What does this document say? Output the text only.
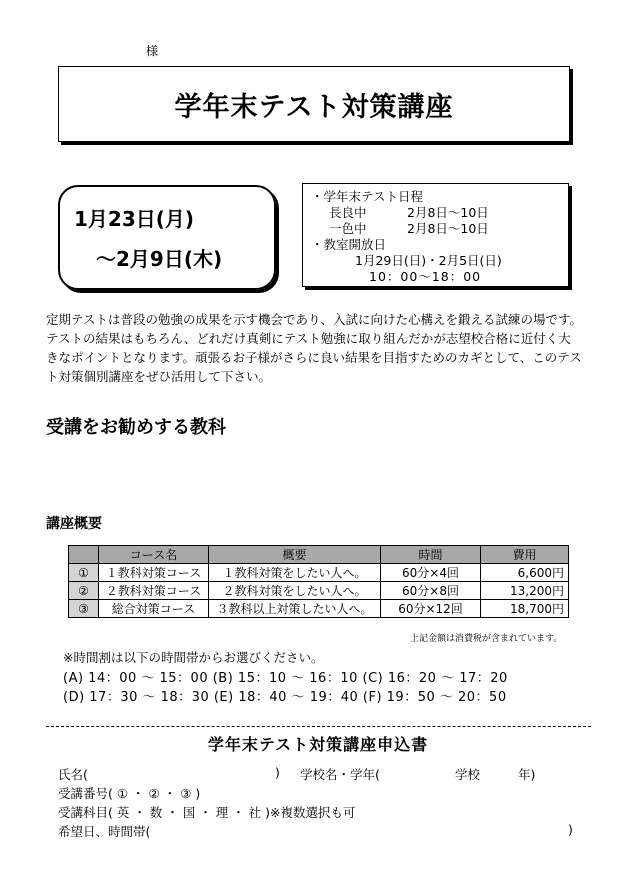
様
学年末テスト対策講座
1月23日(月)
～2月9日(木)
・学年末テスト日程
長良中	2月8日～10日
一色中	2月8日～10日
・教室開放日
1月29日(日)・2月5日(日)
10：00～18：00

定期テストは普段の勉強の成果を示す機会であり、入試に向けた心構えを鍛える試練の場です。

テストの結果はもちろん、どれだけ真剣にテスト勉強に取り組んだかが志望校合格に近付く大

きなポイントとなります。頑張るお子様がさらに良い結果を目指すためのカギとして、このテス

ト対策個別講座をぜひ活用して下さい。

受講をお勧めする教科
講座概要
	コース名	概要	時間	費用
①	１教科対策コース	１教科対策をしたい人へ。	60分×4回	6,600円
②	２教科対策コース	２教科対策をしたい人へ。	60分×8回	13,200円
③	総合対策コース	３教科以上対策したい人へ。	60分×12回	18,700円
上記金額は消費税が含まれています。
※時間割は以下の時間帯からお選びください。
(A) 14：00 ～ 15：00 (B) 15：10 ～ 16：10 (C) 16：20 ～ 17：20
(D) 17：30 ～ 18：30 (E) 18：40 ～ 19：40 (F) 19：50 ～ 20：50
学年末テスト対策講座申込書
氏名(	) 学校名・学年(	学校	年)
受講番号( ① ・ ② ・ ③ )
受講科目( 英 ・ 数 ・ 国 ・ 理 ・ 社 )※複数選択も可
希望日、時間帯(	)
